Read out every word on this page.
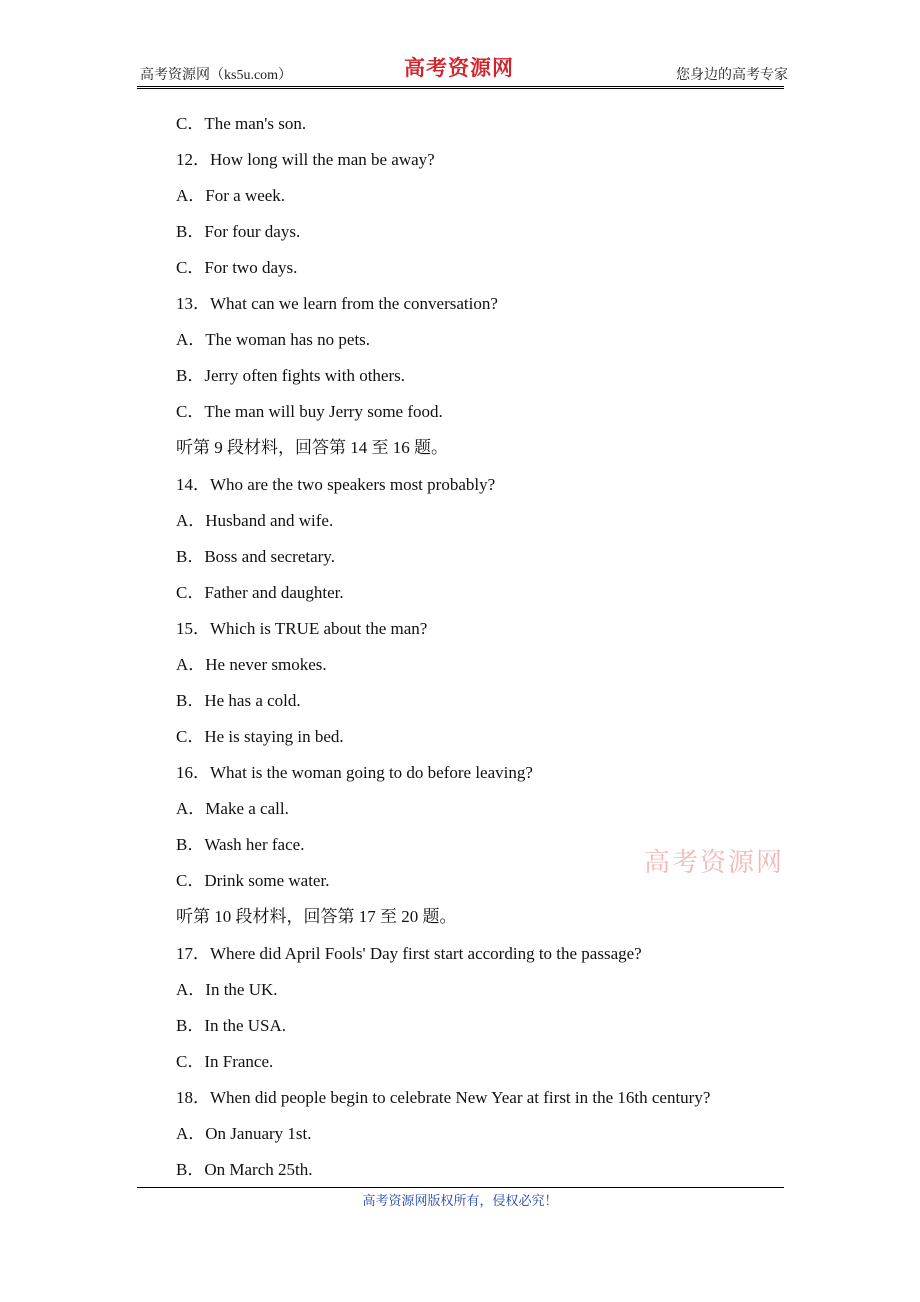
高考资源网（ks5u.com）	高考资源网	您身边的高考专家
C．The man's son.
12．How long will the man be away?
A．For a week.
B．For four days.
C．For two days.
13．What can we learn from the conversation?
A．The woman has no pets.
B．Jerry often fights with others.
C．The man will buy Jerry some food.
听第 9 段材料，回答第 14 至 16 题。
14．Who are the two speakers most probably?
A．Husband and wife.
B．Boss and secretary.
C．Father and daughter.
15．Which is TRUE about the man?
A．He never smokes.
B．He has a cold.
C．He is staying in bed.
16．What is the woman going to do before leaving?
A．Make a call.
B．Wash her face.
C．Drink some water.
听第 10 段材料，回答第 17 至 20 题。
17．Where did April Fools' Day first start according to the passage?
A．In the UK.
B．In the USA.
C．In France.
18．When did people begin to celebrate New Year at first in the 16th century?
A．On January 1st.
B．On March 25th.
高考资源网
高考资源网版权所有，侵权必究！
